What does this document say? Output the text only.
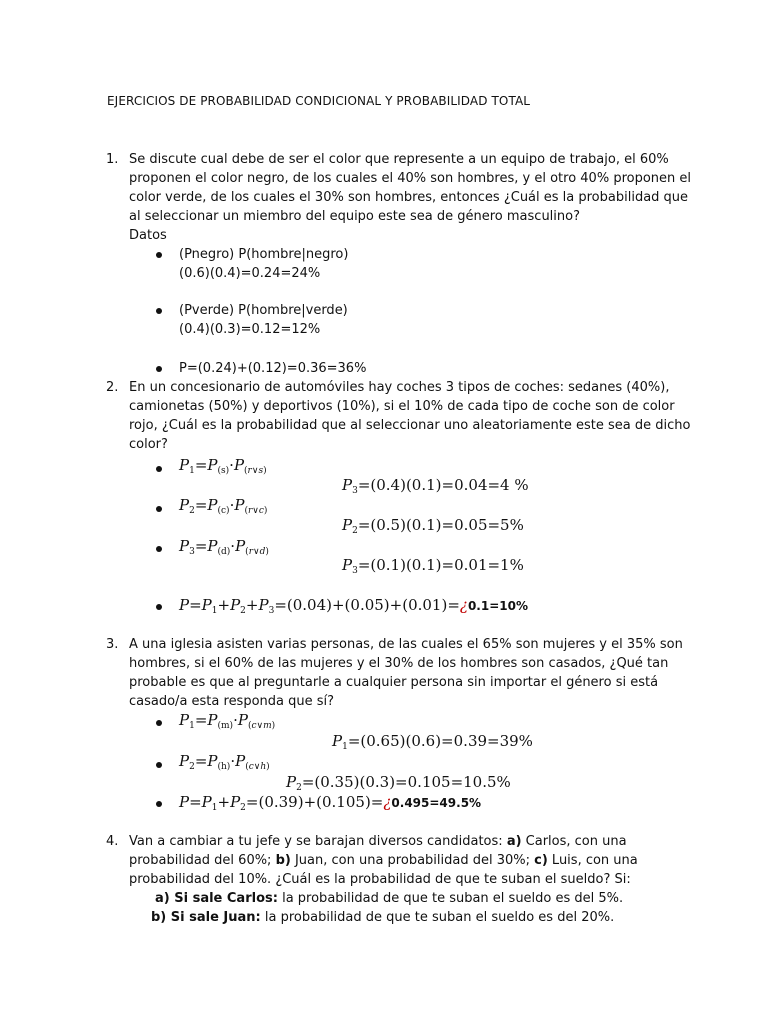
EJERCICIOS DE PROBABILIDAD CONDICIONAL Y PROBABILIDAD TOTAL
1. Se discute cual debe de ser el color que represente a un equipo de trabajo, el 60%
proponen el color negro, de los cuales el 40% son hombres, y el otro 40% proponen el
color verde, de los cuales el 30% son hombres, entonces ¿Cuál es la probabilidad que
al seleccionar un miembro del equipo este sea de género masculino?
Datos
(Pnegro) P(hombre|negro)
(0.6)(0.4)=0.24=24%
(Pverde) P(hombre|verde)
(0.4)(0.3)=0.12=12%
P=(0.24)+(0.12)=0.36=36%
2. En un concesionario de automóviles hay coches 3 tipos de coches: sedanes (40%),
camionetas (50%) y deportivos (10%), si el 10% de cada tipo de coche son de color
rojo, ¿Cuál es la probabilidad que al seleccionar uno aleatoriamente este sea de dicho
color?
$P_1=P_{(s)}\cdot P_{(r\vee s)}$
$P_3=(0.4)(0.1)=0.04=4$ %
$P_2=P_{(c)}\cdot P_{(r\vee c)}$
$P_2=(0.5)(0.1)=0.05=5\%$
$P_3=P_{(d)}\cdot P_{(r\vee d)}$
$P_3=(0.1)(0.1)=0.01=1\%$
$P=P_1+P_2+P_3=(0.04)+(0.05)+(0.01)=¿0.1=10\%$
3. A una iglesia asisten varias personas, de las cuales el 65% son mujeres y el 35% son
hombres, si el 60% de las mujeres y el 30% de los hombres son casados, ¿Qué tan
probable es que al preguntarle a cualquier persona sin importar el género si está
casado/a esta responda que sí?
$P_1=P_{(m)}\cdot P_{(c\vee m)}$
$P_1=(0.65)(0.6)=0.39=39\%$
$P_2=P_{(h)}\cdot P_{(c\vee h)}$
$P_2=(0.35)(0.3)=0.105=10.5\%$
$P=P_1+P_2=(0.39)+(0.105)=¿0.495=49.5\%$
4. Van a cambiar a tu jefe y se barajan diversos candidatos: a) Carlos, con una
probabilidad del 60%; b) Juan, con una probabilidad del 30%; c) Luis, con una
probabilidad del 10%. ¿Cuál es la probabilidad de que te suban el sueldo? Si:
a) Si sale Carlos: la probabilidad de que te suban el sueldo es del 5%.
b) Si sale Juan: la probabilidad de que te suban el sueldo es del 20%.
